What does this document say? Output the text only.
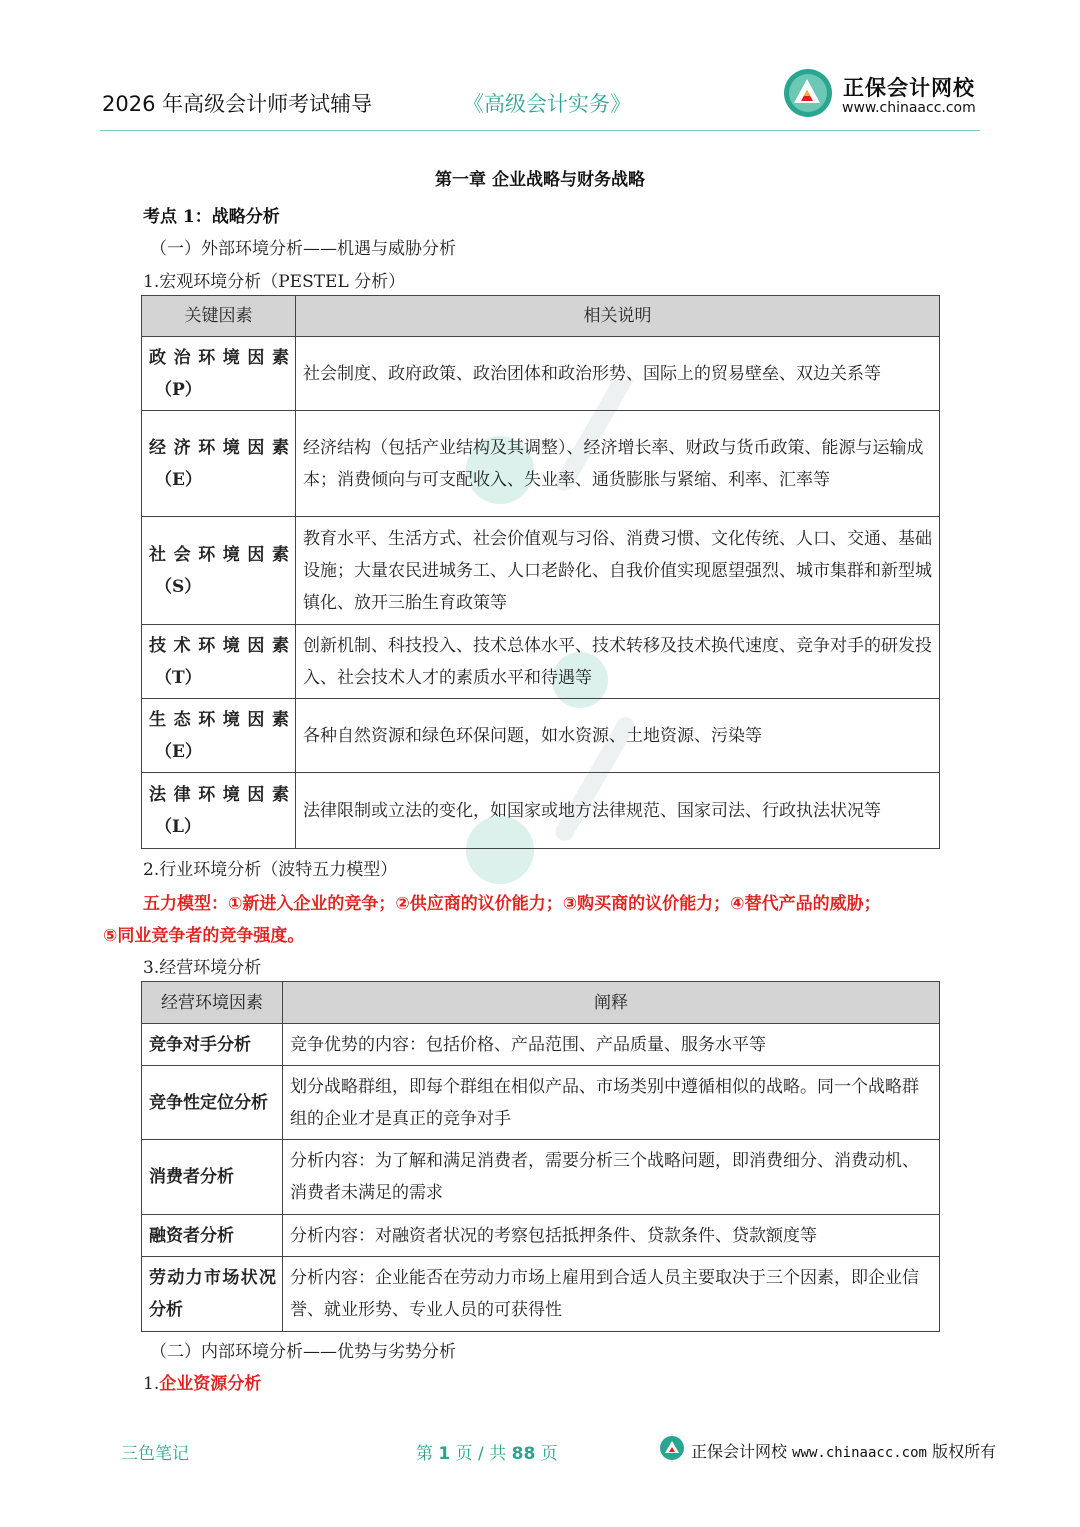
2026 年高级会计师考试辅导	《高级会计实务》
正保会计网校
www.chinaacc.com
第一章 企业战略与财务战略
考点 1：战略分析
（一）外部环境分析——机遇与威胁分析
1.宏观环境分析（PESTEL 分析）
关键因素	相关说明
政治环境因素
（P）	社会制度、政府政策、政治团体和政治形势、国际上的贸易壁垒、双边关系等
经济环境因素
（E）	经济结构（包括产业结构及其调整）、经济增长率、财政与货币政策、能源与运输成本；消费倾向与可支配收入、失业率、通货膨胀与紧缩、利率、汇率等
社会环境因素
（S）	教育水平、生活方式、社会价值观与习俗、消费习惯、文化传统、人口、交通、基础设施；大量农民进城务工、人口老龄化、自我价值实现愿望强烈、城市集群和新型城镇化、放开三胎生育政策等
技术环境因素
（T）	创新机制、科技投入、技术总体水平、技术转移及技术换代速度、竞争对手的研发投入、社会技术人才的素质水平和待遇等
生态环境因素
（E）	各种自然资源和绿色环保问题，如水资源、土地资源、污染等
法律环境因素
（L）	法律限制或立法的变化，如国家或地方法律规范、国家司法、行政执法状况等
2.行业环境分析（波特五力模型）
五力模型：①新进入企业的竞争；②供应商的议价能力；③购买商的议价能力；④替代产品的威胁；
⑤同业竞争者的竞争强度。
3.经营环境分析
经营环境因素	阐释
竞争对手分析	竞争优势的内容：包括价格、产品范围、产品质量、服务水平等
竞争性定位分析	划分战略群组，即每个群组在相似产品、市场类别中遵循相似的战略。同一个战略群组的企业才是真正的竞争对手
消费者分析	分析内容：为了解和满足消费者，需要分析三个战略问题，即消费细分、消费动机、消费者未满足的需求
融资者分析	分析内容：对融资者状况的考察包括抵押条件、贷款条件、贷款额度等
劳动力市场状况分析	分析内容：企业能否在劳动力市场上雇用到合适人员主要取决于三个因素，即企业信誉、就业形势、专业人员的可获得性
（二）内部环境分析——优势与劣势分析
1.企业资源分析
三色笔记	第 1 页 / 共 88 页	正保会计网校 www.chinaacc.com 版权所有
